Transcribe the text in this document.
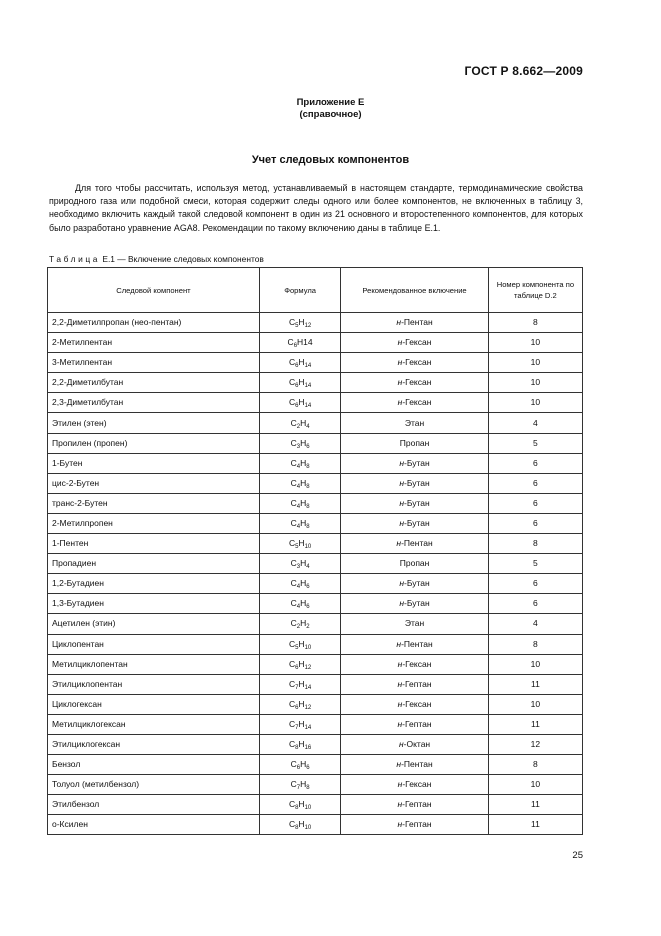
ГОСТ Р 8.662—2009
Приложение Е
(справочное)
Учет следовых компонентов
Для того чтобы рассчитать, используя метод, устанавливаемый в настоящем стандарте, термодинамические свойства природного газа или подобной смеси, которая содержит следы одного или более компонентов, не включенных в таблицу 3, необходимо включить каждый такой следовой компонент в один из 21 основного и второстепенного компонентов, для которых было разработано уравнение AGA8. Рекомендации по такому включению даны в таблице Е.1.
Таблица Е.1 — Включение следовых компонентов
Следовой компонент	Формула	Рекомендованное включение	Номер компонента по таблице D.2
2,2-Диметилпропан (нео-пентан)	$C_5H_{12}$	н-Пентан	8
2-Метилпентан	$C_6H14$	н-Гексан	10
3-Метилпентан	$C_6H_{14}$	н-Гексан	10
2,2-Диметилбутан	$C_6H_{14}$	н-Гексан	10
2,3-Диметилбутан	$C_6H_{14}$	н-Гексан	10
Этилен (этен)	$C_2H_4$	Этан	4
Пропилен (пропен)	$C_3H_6$	Пропан	5
1-Бутен	$C_4H_8$	н-Бутан	6
цис-2-Бутен	$C_4H_8$	н-Бутан	6
транс-2-Бутен	$C_4H_8$	н-Бутан	6
2-Метилпропен	$C_4H_8$	н-Бутан	6
1-Пентен	$C_5H_{10}$	н-Пентан	8
Пропадиен	$C_3H_4$	Пропан	5
1,2-Бутадиен	$C_4H_6$	н-Бутан	6
1,3-Бутадиен	$C_4H_6$	н-Бутан	6
Ацетилен (этин)	$C_2H_2$	Этан	4
Циклопентан	$C_5H_{10}$	н-Пентан	8
Метилциклопентан	$C_6H_{12}$	н-Гексан	10
Этилциклопентан	$C_7H_{14}$	н-Гептан	11
Циклогексан	$C_6H_{12}$	н-Гексан	10
Метилциклогексан	$C_7H_{14}$	н-Гептан	11
Этилциклогексан	$C_8H_{16}$	н-Октан	12
Бензол	$C_6H_6$	н-Пентан	8
Толуол (метилбензол)	$C_7H_8$	н-Гексан	10
Этилбензол	$C_8H_{10}$	н-Гептан	11
о-Ксилен	$C_8H_{10}$	н-Гептан	11
25
